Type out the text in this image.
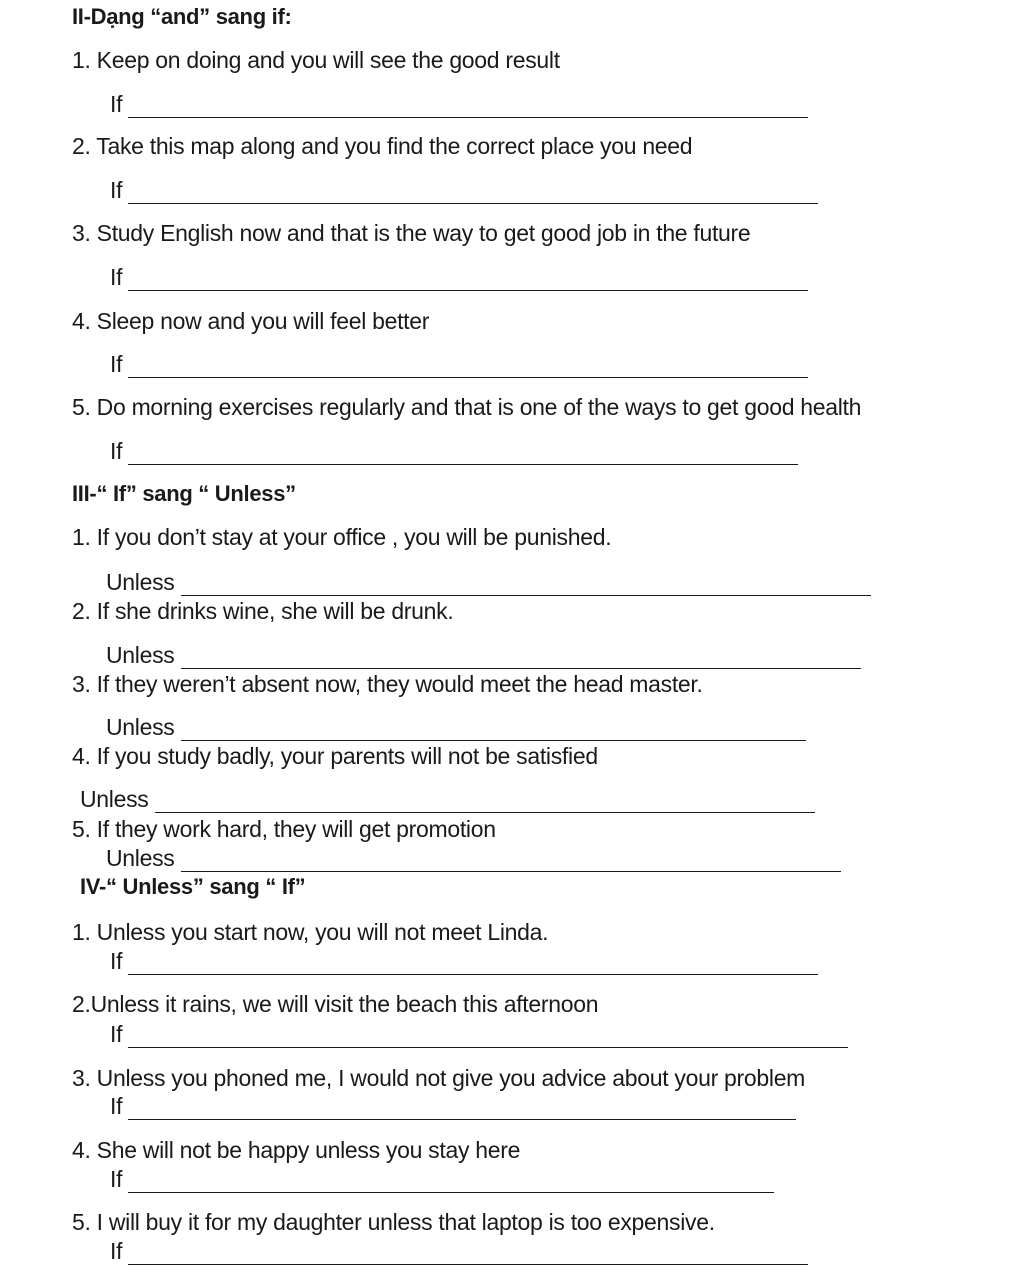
II-Dạng “and” sang if:
1. Keep on doing and you will see the good result
If
2. Take this map along and you find the correct place you need
If
3. Study English now and that is the way to get good job in the future
If
4. Sleep now and you will feel better
If
5. Do morning exercises regularly and that is one of the ways to get good health
If
III-“ If” sang “ Unless”
1. If you don’t stay at your office , you will be punished.
Unless
2. If she drinks wine, she will be drunk.
Unless
3. If they weren’t absent now, they would meet the head master.
Unless
4. If you study badly, your parents will not be satisfied
Unless
5. If they work hard, they will get promotion
Unless
IV-“ Unless” sang “ If”
1. Unless you start now, you will not meet Linda.
If
2.Unless it rains, we will visit the beach this afternoon
If
3. Unless you phoned me, I would not give you advice about your problem
If
4. She will not be happy unless you stay here
If
5. I will buy it for my daughter unless that laptop is too expensive.
If
